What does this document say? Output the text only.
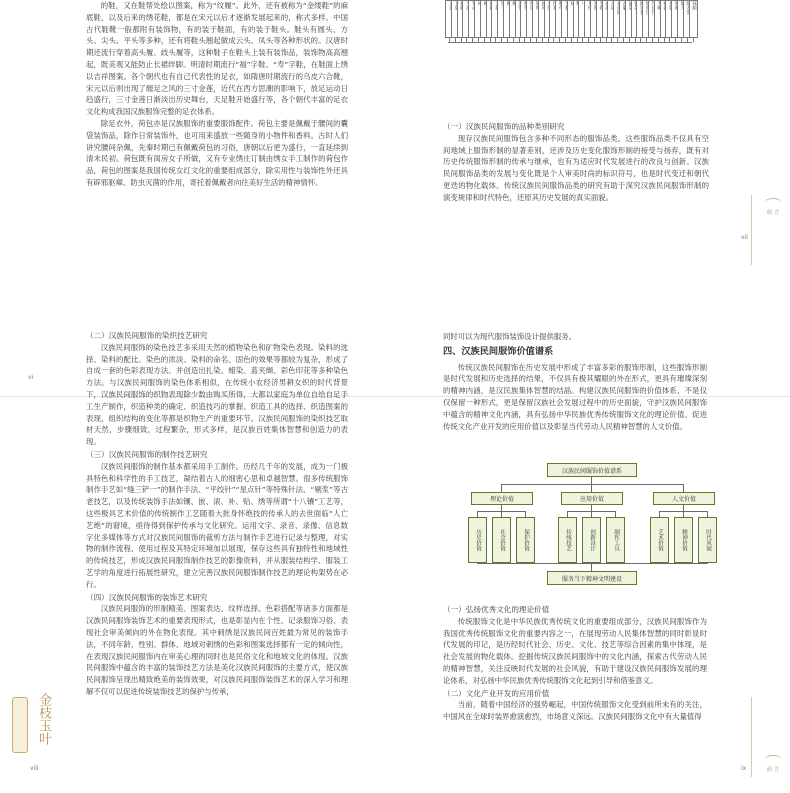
的鞋，又在鞋帮处绘以图案，称为“纹履”。此外，还有被称为“金缕鞋”的麻底鞋，以及后来的绣花鞋，都是在宋元以后才逐渐发展起来的，称式多样。中国古代鞋靴一般都附有装饰物，有的装于鞋面，有的装于鞋头。鞋头有圆头、方头、尖头、平头等多种，还有将鞋头翘起做成云头、凤头等各种形状的。汉唐时期还流行穿着高头履、歧头履等，这种鞋子在鞋头上装有装饰品，装饰物高高翘起，既美观又能防止长裙绊脚。明清时期流行“福”字鞋、“寿”字鞋，在鞋面上绣以吉祥图案。各个朝代也有自己代表性的足衣，如隋唐时期流行的乌皮六合靴，宋元以后则出现了缠足之风的三寸金莲，近代在西方思潮的影响下，放足运动日趋盛行，三寸金莲日渐淡出历史舞台，天足鞋开始盛行等，各个朝代丰富的足衣文化构成我国汉族服饰完整的足衣体系。

除足衣外，荷包亦是汉族服饰的重要服饰配件。荷包主要是佩戴于腰间的囊袋装饰品，除作日常装饰外，也可用来盛放一些随身的小物件和香料。古时人们讲究腰间杂佩，先秦时期已有佩戴荷包的习俗，唐朝以后更为盛行，一直延续到清末民初。荷包既有闺房女子所做，又有专业绣庄订制由绣女手工制作的荷包作品，荷包的图案是我国传统女红文化的重要组成部分，除实用性与装饰性外还具有辟邪驱瘴、防虫灭菌的作用，寄托着佩戴者向往美好生活的精神情怀。

vi
抹额
（一）汉族民间服饰的品种类别研究

现存汉族民间服饰包含多种不同形态的服饰品类。这些服饰品类不仅具有空间地域上服饰形制的显著差别，还涉及历史变化服饰形制的接受与扬弃，既有对历史传统服饰形制的传承与继承，也有为适应时代发展进行的改良与创新。汉族民间服饰品类的发展与变化既是个人审美时尚的标识符号，也是时代变迁和朝代更迭的物化载体。传统汉族民间服饰品类的研究有助于深究汉族民间服饰形制的演变规律和时代特色，还原其历史发展的真实面貌。

前 言
vii
金枝玉叶
（二）汉族民间服饰的染织技艺研究

汉族民间服饰的染色技艺多采用天然的植物染色和矿物染色表现。染料的选择、染料的配比、染色的浓淡、染料的命名、固色的效果等都较为复杂，形成了自成一套的色彩表现方法。并创造出扎染、蜡染、蓝夹缬、彩色印花等多种染色方法。与汉族民间服饰的染色体系相似，在传统小农经济男耕女织的时代背景下，汉族民间服饰的织物表现除少数由购买所得，大都以家庭为单位自给自足手工生产制作，织造种类的确定、织造技巧的掌握、织造工具的选择、织造图案的表现，组织结构的变化等都是织物生产的重要环节。汉族民间服饰的染织技艺取材天然，步骤细致，过程繁杂，形式多样，是汉族百姓集体智慧和创造力的表现。

（三）汉族民间服饰的制作技艺研究

汉族民间服饰的制作基本都采用手工制作。历经几千年的发展，成为一门极具特色和科学性的手工技艺，凝结着古人的细密心思和卓越智慧。很多传统服饰制作手艺如“缝三铲一”的制作手法、“平绞针”“星点针”等特殊针法、“剔浆”等古老技艺，以及传统装饰手法如镶、嵌、滚、补、贴、绣等所谓“十八镶”工艺等，这些极具艺术价值的传统制作工艺随着大批身怀绝技的传承人的去世面临“人亡艺绝”的窘境，亟待得到保护传承与文化研究。运用文字、录音、录像、信息数字化多媒体等方式对汉族民间服饰的裁剪方法与制作手艺进行记录与整理，对实物的制作流程、使用过程及其特定环境加以展现，保存这些具有独特性和地域性的传统技艺，形成汉族民间服饰制作技艺的影像资料，并从服装结构学、服装工艺学的角度进行拓展性研究，建立完善汉族民间服饰制作技艺的理论构架势在必行。

（四）汉族民间服饰的装饰艺术研究

汉族民间服饰的形制精美、图案表达、纹样选择、色彩搭配等诸多方面都是汉族民间服饰装饰艺术的重要表现形式，也是彰显内在个性、记录服饰习俗、表现社会审美倾向的外在物化表现。其中刺绣是汉族民间百姓最为常见的装饰手法，不同年龄、性别、群体、地域对刺绣的色彩和图案选择都有一定的倾向性，在表现汉族民间服饰内在审美心理的同时也是民俗文化和地域文化的体现。汉族民间服饰中蕴含的丰富的装饰技艺方法是美化汉族民间服饰的主要方式，使汉族民间服饰呈现出精致绝美的装饰效果，对汉族民间服饰装饰艺术的深入学习和理解不仅可以促进传统装饰技艺的保护与传承，

viii
同时可以为现代服饰装饰设计提供服务。
四、汉族民间服饰价值谱系

传统汉族民间服饰在历史发展中形成了丰富多彩的服饰形制，这些服饰形制是时代发展和历史选择的结果，不仅具有极其耀眼的外在形式，更具有璀璨深刻的精神内涵，是汉民族集体智慧的结晶。构建汉族民间服饰的价值体系，不是仅仅保留一种形式，更是保留汉族社会发展过程中的历史面貌，守护汉族民间服饰中蕴含的精神文化内涵，具有弘扬中华民族优秀传统服饰文化的理论价值、促进传统文化产业开发的应用价值以及彰显当代劳动人民精神智慧的人文价值。

汉族民间服饰价值谱系
理论价值
历史价值	社会价值	保护价值
应用价值
传统技艺	创新设计	制作工具
人文价值
艺术价值	精神价值	时代风貌
服务当下精神文明建设
（一）弘扬优秀文化的理论价值

传统服饰文化是中华民族优秀传统文化的重要组成部分，汉族民间服饰作为我国优秀传统服饰文化的重要内容之一，在展现劳动人民集体智慧的同时彰显时代发展的印记，是历经时代社会、历史、文化、技艺等综合因素的集中体现，是社会发展的物化载体。挖掘传统汉族民间服饰中的文化内涵，探索古代劳动人民的精神智慧，关注反映时代发展的社会风貌，有助于建设汉族民间服饰发展的理论体系，对弘扬中华民族优秀传统服饰文化起到引导和借鉴意义。

（二）文化产业开发的应用价值

当前，随着中国经济的强势崛起，中国传统服饰文化受到前所未有的关注，中国风在全球时装界愈演愈烈，市场意义深远。汉族民间服饰文化中有大量值得

前 言
ix
